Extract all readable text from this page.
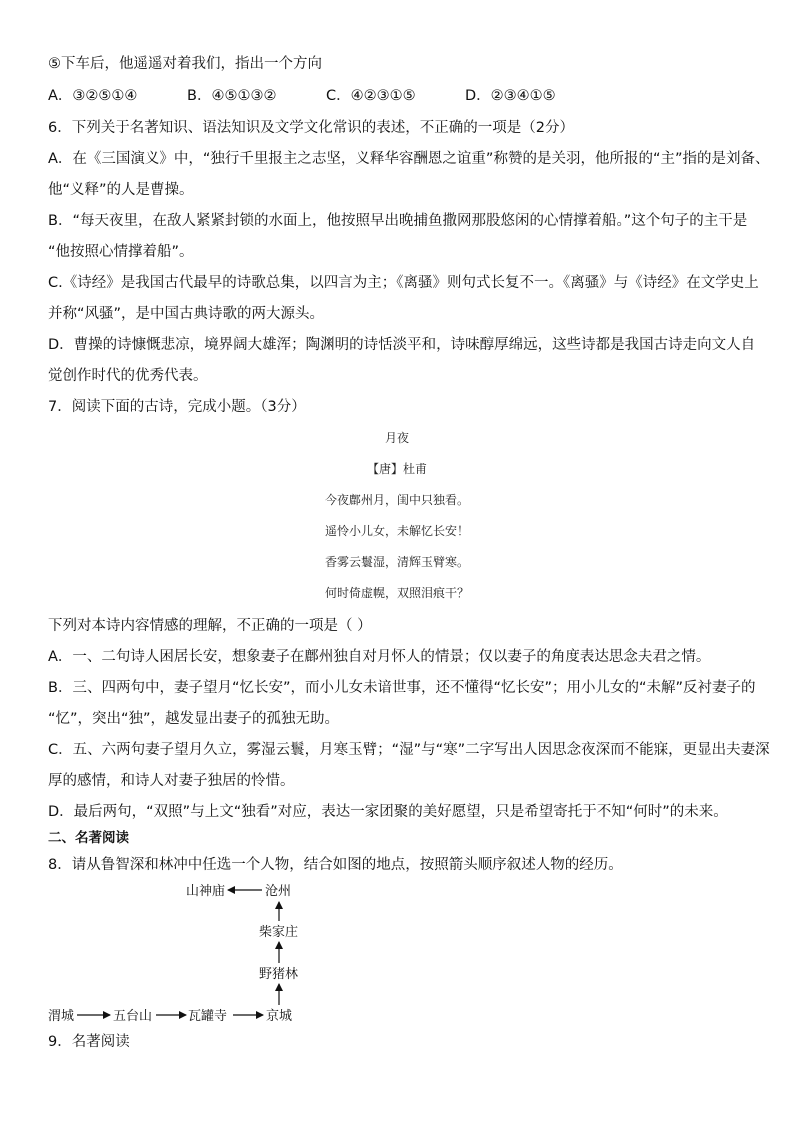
⑤下车后，他遥遥对着我们，指出一个方向
A．③②⑤①④	B．④⑤①③②	C．④②③①⑤	D．②③④①⑤
6．下列关于名著知识、语法知识及文学文化常识的表述，不正确的一项是（2分）
A．在《三国演义》中，“独行千里报主之志坚，义释华容酬恩之谊重”称赞的是关羽，他所报的“主”指的是刘备、
他“义释”的人是曹操。
B．“每天夜里，在敌人紧紧封锁的水面上，他按照早出晚捕鱼撒网那股悠闲的心情撑着船。”这个句子的主干是
“他按照心情撑着船”。
C.《诗经》是我国古代最早的诗歌总集，以四言为主；《离骚》则句式长复不一。《离骚》与《诗经》在文学史上
并称“风骚”，是中国古典诗歌的两大源头。
D．曹操的诗慷慨悲凉，境界阔大雄浑；陶渊明的诗恬淡平和，诗味醇厚绵远，这些诗都是我国古诗走向文人自
觉创作时代的优秀代表。
7．阅读下面的古诗，完成小题。（3分）
月夜
【唐】杜甫
今夜鄜州月，闺中只独看。
遥怜小儿女，未解忆长安！
香雾云鬟湿，清辉玉臂寒。
何时倚虚幌，双照泪痕干？
下列对本诗内容情感的理解，不正确的一项是（ ）
A．一、二句诗人困居长安，想象妻子在鄜州独自对月怀人的情景；仅以妻子的角度表达思念夫君之情。
B．三、四两句中，妻子望月“忆长安”，而小儿女未谙世事，还不懂得“忆长安”；用小儿女的“未解”反衬妻子的
“忆”，突出“独”，越发显出妻子的孤独无助。
C．五、六两句妻子望月久立，雾湿云鬟，月寒玉臂；“湿”与“寒”二字写出人因思念夜深而不能寐，更显出夫妻深
厚的感情，和诗人对妻子独居的怜惜。
D．最后两句，“双照”与上文“独看”对应，表达一家团聚的美好愿望，只是希望寄托于不知“何时”的未来。
二、名著阅读
8．请从鲁智深和林冲中任选一个人物，结合如图的地点，按照箭头顺序叙述人物的经历。
渭城	五台山	瓦罐寺	京城
野猪林
柴家庄
沧州
山神庙
9．名著阅读
